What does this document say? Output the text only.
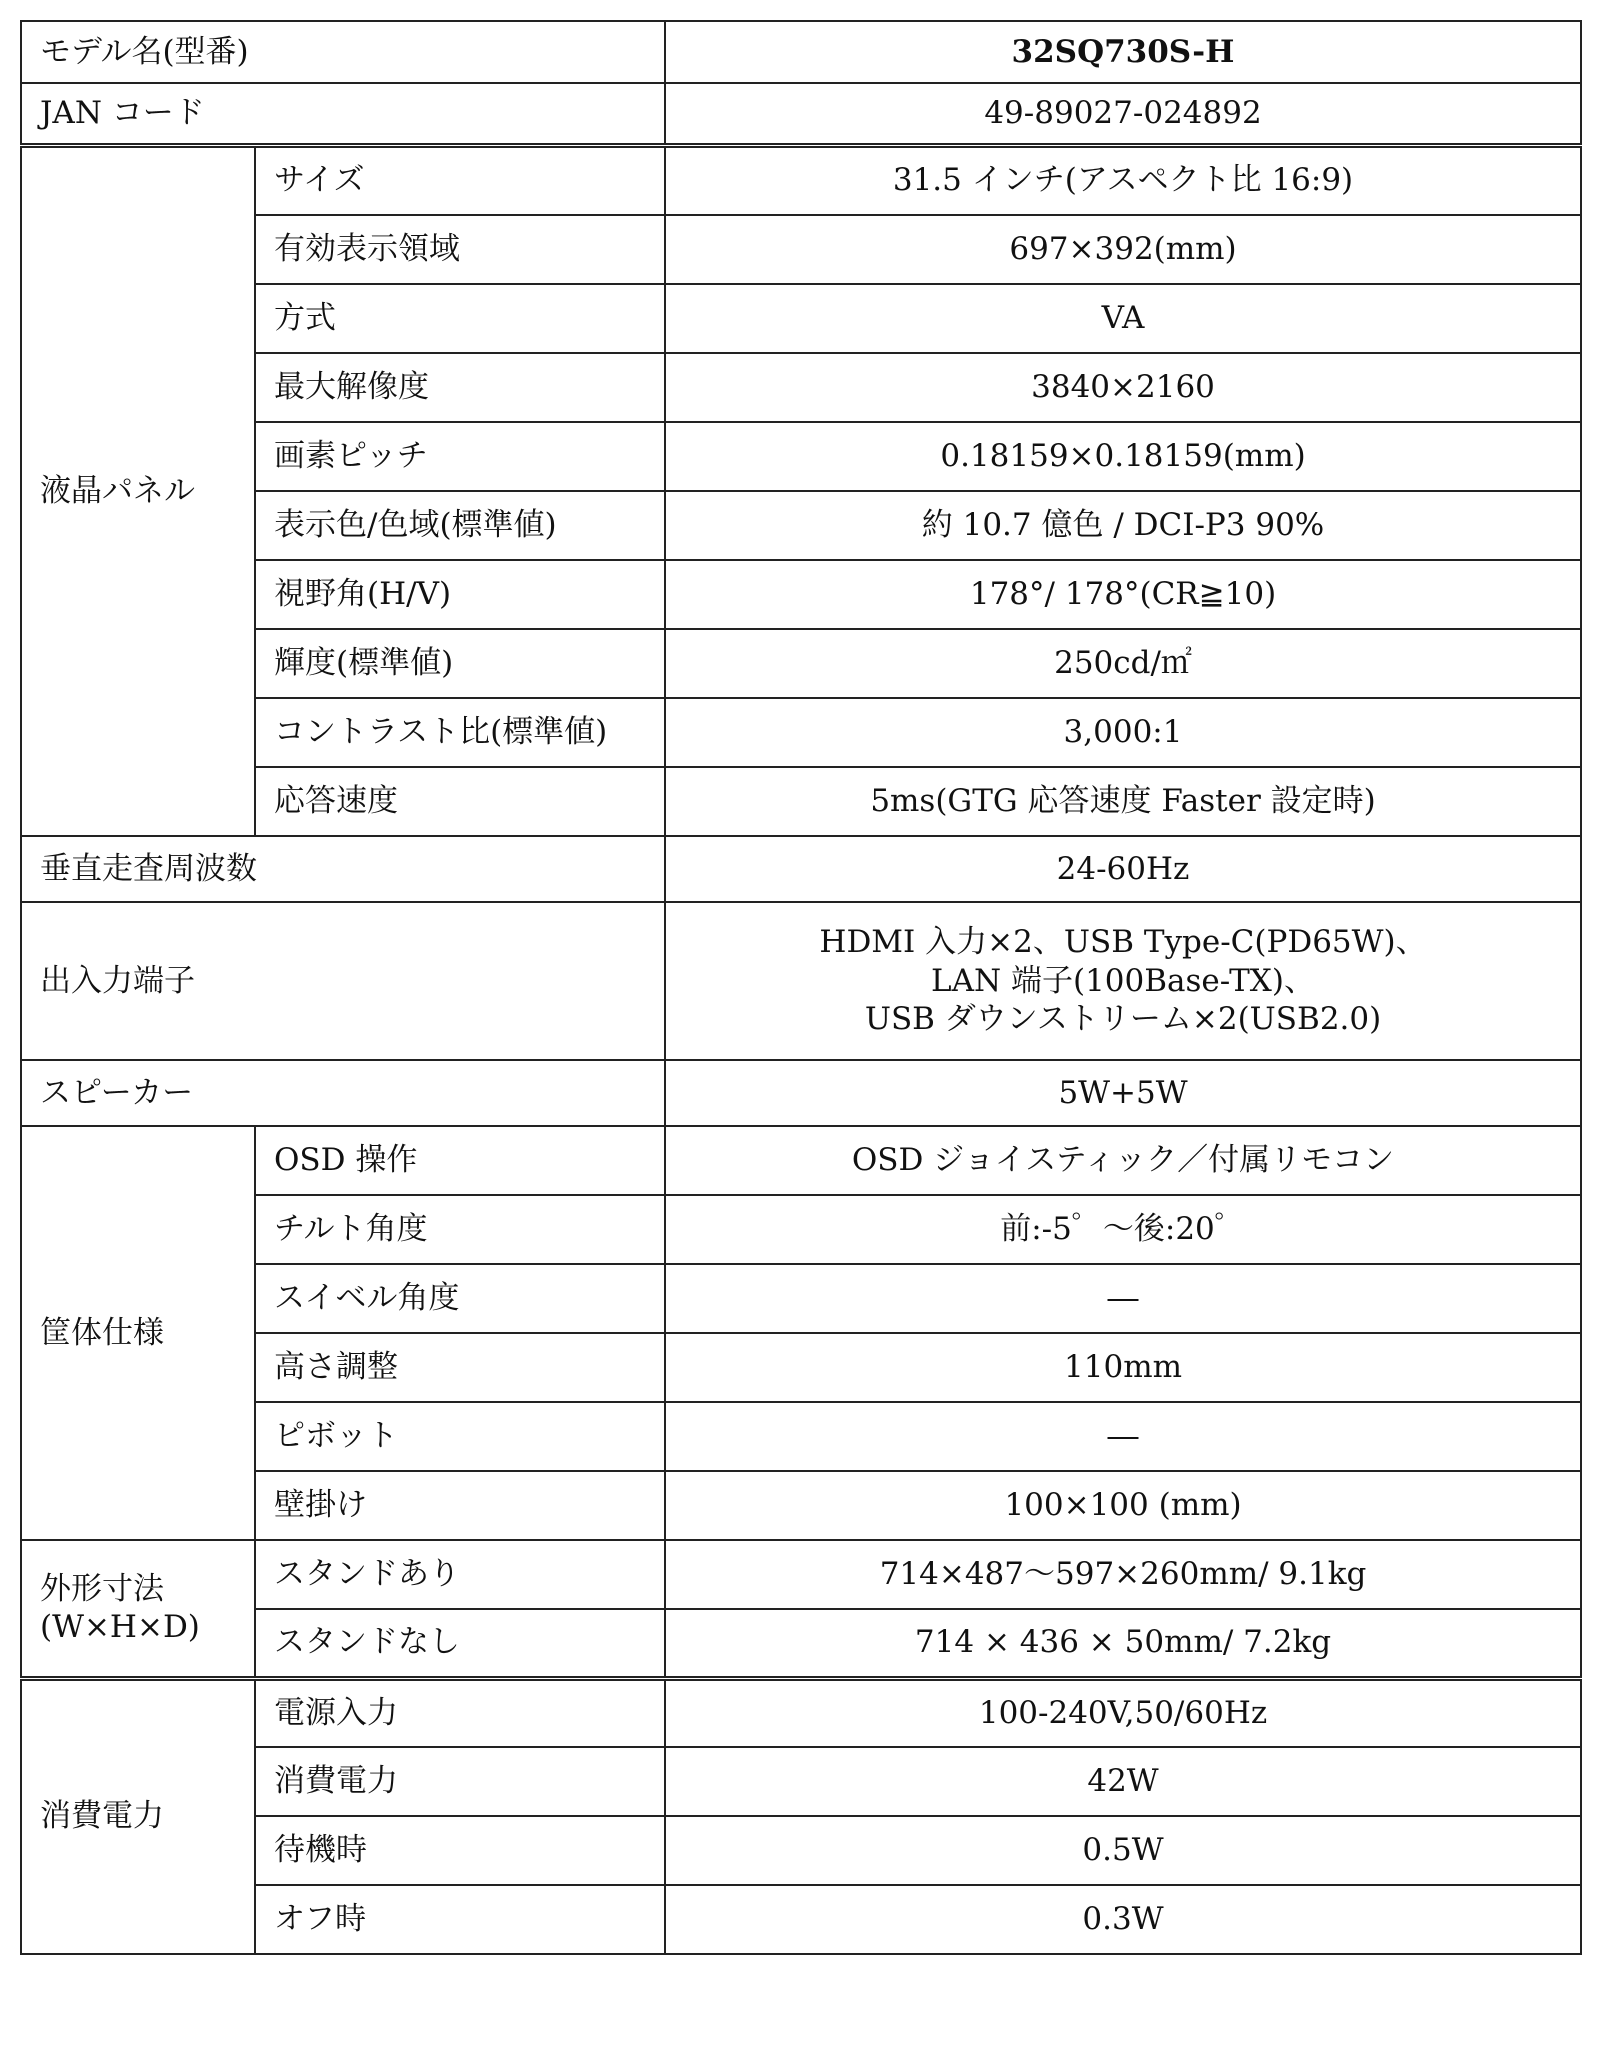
モデル名(型番)		32SQ730S-H
JAN コード		49-89027-024892
液晶パネル	サイズ	31.5 インチ(アスペクト比 16:9)
	有効表示領域	697×392(mm)
	方式	VA
	最大解像度	3840×2160
	画素ピッチ	0.18159×0.18159(mm)
	表示色/色域(標準値)	約 10.7 億色 / DCI-P3 90%
	視野角(H/V)	178°/ 178°(CR≧10)
	輝度(標準値)	250cd/㎡
	コントラスト比(標準値)	3,000:1
	応答速度	5ms(GTG 応答速度 Faster 設定時)
垂直走査周波数		24-60Hz
出入力端子		HDMI 入力×2、USB Type-C(PD65W)、
LAN 端子(100Base-TX)、
USB ダウンストリーム×2(USB2.0)

スピーカー		5W+5W
筐体仕様	OSD 操作	OSD ジョイスティック／付属リモコン
	チルト角度	前:-5゜～後:20゜
	スイベル角度	―
	高さ調整	110mm
	ピボット	―
	壁掛け	100×100 (mm)

外形寸法
(W×H×D)	スタンドあり	714×487～597×260mm/ 9.1kg
	スタンドなし	714 × 436 × 50mm/ 7.2kg
消費電力	電源入力	100-240V,50/60Hz
	消費電力	42W
	待機時	0.5W
	オフ時	0.3W
